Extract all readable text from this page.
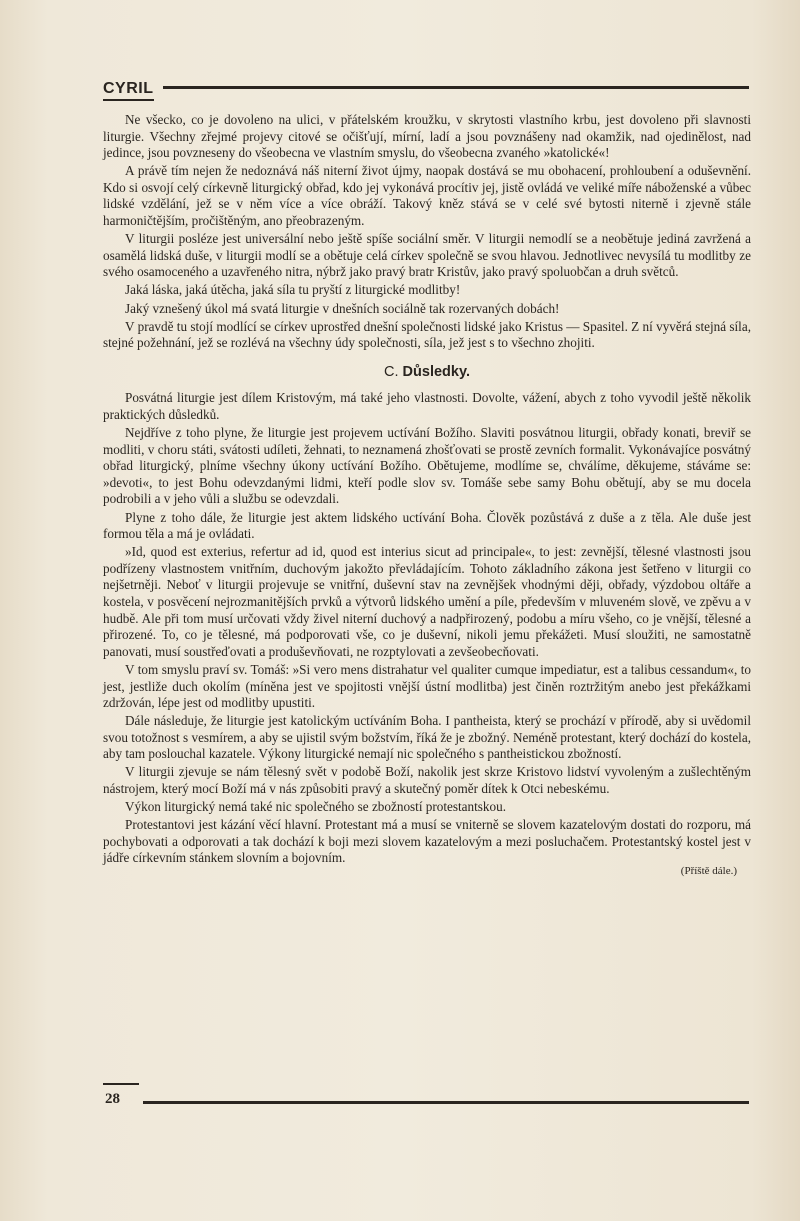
CYRIL

Ne všecko, co je dovoleno na ulici, v přátelském kroužku, v skrytosti vlastního krbu, jest dovoleno při slavnosti liturgie. Všechny zřejmé projevy citové se očišťují, mírní, ladí a jsou povznášeny nad okamžik, nad ojedinělost, nad jedince, jsou povzneseny do všeobecna ve vlastním smyslu, do všeobecna zvaného »katolické«!

A právě tím nejen že nedoznává náš niterní život újmy, naopak dostává se mu obohacení, prohloubení a oduševnění. Kdo si osvojí celý církevně liturgický obřad, kdo jej vykonává procítiv jej, jistě ovládá ve veliké míře náboženské a vůbec lidské vzdělání, jež se v něm více a více obráží. Takový kněz stává se v celé své bytosti niterně i zjevně stále harmoničtějším, pročištěným, ano přeobrazeným.

V liturgii posléze jest universální nebo ještě spíše sociální směr. V liturgii nemodlí se a neobětuje jediná zavržená a osamělá lidská duše, v liturgii modlí se a obětuje celá církev společně se svou hlavou. Jednotlivec nevysílá tu modlitby ze svého osamoceného a uzavřeného nitra, nýbrž jako pravý bratr Kristův, jako pravý spoluobčan a druh světců.

Jaká láska, jaká útěcha, jaká síla tu pryští z liturgické modlitby!

Jaký vznešený úkol má svatá liturgie v dnešních sociálně tak rozervaných dobách!

V pravdě tu stojí modlící se církev uprostřed dnešní společnosti lidské jako Kristus — Spasitel. Z ní vyvěrá stejná síla, stejné požehnání, jež se rozlévá na všechny údy společnosti, síla, jež jest s to všechno zhojiti.

C. Důsledky.

Posvátná liturgie jest dílem Kristovým, má také jeho vlastnosti. Dovolte, vážení, abych z toho vyvodil ještě několik praktických důsledků.

Nejdříve z toho plyne, že liturgie jest projevem uctívání Božího. Slaviti posvátnou liturgii, obřady konati, breviř se modliti, v choru státi, svátosti udíleti, žehnati, to neznamená zhošťovati se prostě zevních formalit. Vykonávajíce posvátný obřad liturgický, plníme všechny úkony uctívání Božího. Obětujeme, modlíme se, chválíme, děkujeme, stáváme se: »devoti«, to jest Bohu odevzdanými lidmi, kteří podle slov sv. Tomáše sebe samy Bohu obětují, aby se mu docela podrobili a v jeho vůli a službu se odevzdali.

Plyne z toho dále, že liturgie jest aktem lidského uctívání Boha. Člověk pozůstává z duše a z těla. Ale duše jest formou těla a má je ovládati.

»Id, quod est exterius, refertur ad id, quod est interius sicut ad principale«, to jest: zevnější, tělesné vlastnosti jsou podřízeny vlastnostem vnitřním, duchovým jakožto převládajícím. Tohoto základního zákona jest šetřeno v liturgii co nejšetrněji. Neboť v liturgii projevuje se vnitřní, duševní stav na zevnějšek vhodnými ději, obřady, výzdobou oltáře a kostela, v posvěcení nejrozmanitějších prvků a výtvorů lidského umění a píle, především v mluveném slově, ve zpěvu a v hudbě. Ale při tom musí určovati vždy živel niterní duchový a nadpřirozený, podobu a míru všeho, co je vnější, tělesné a přirozené. To, co je tělesné, má podporovati vše, co je duševní, nikoli jemu překážeti. Musí sloužiti, ne samostatně panovati, musí soustřeďovati a produševňovati, ne rozptylovati a zevšeobecňovati.

V tom smyslu praví sv. Tomáš: »Si vero mens distrahatur vel qualiter cumque impediatur, est a talibus cessandum«, to jest, jestliže duch okolím (míněna jest ve spojitosti vnější ústní modlitba) jest činěn roztržitým anebo jest překážkami zdržován, lépe jest od modlitby upustiti.

Dále následuje, že liturgie jest katolickým uctíváním Boha. I pantheista, který se prochází v přírodě, aby si uvědomil svou totožnost s vesmírem, a aby se ujistil svým božstvím, říká že je zbožný. Neméně protestant, který dochází do kostela, aby tam poslouchal kazatele. Výkony liturgické nemají nic společného s pantheistickou zbožností.

V liturgii zjevuje se nám tělesný svět v podobě Boží, nakolik jest skrze Kristovo lidství vyvoleným a zušlechtěným nástrojem, který mocí Boží má v nás způsobiti pravý a skutečný poměr dítek k Otci nebeskému.

Výkon liturgický nemá také nic společného se zbožností protestantskou.

Protestantovi jest kázání věcí hlavní. Protestant má a musí se vniterně se slovem kazatelovým dostati do rozporu, má pochybovati a odporovati a tak dochází k boji mezi slovem kazatelovým a mezi posluchačem. Protestantský kostel jest v jádře církevním stánkem slovním a bojovním.

(Příště dále.)
28
